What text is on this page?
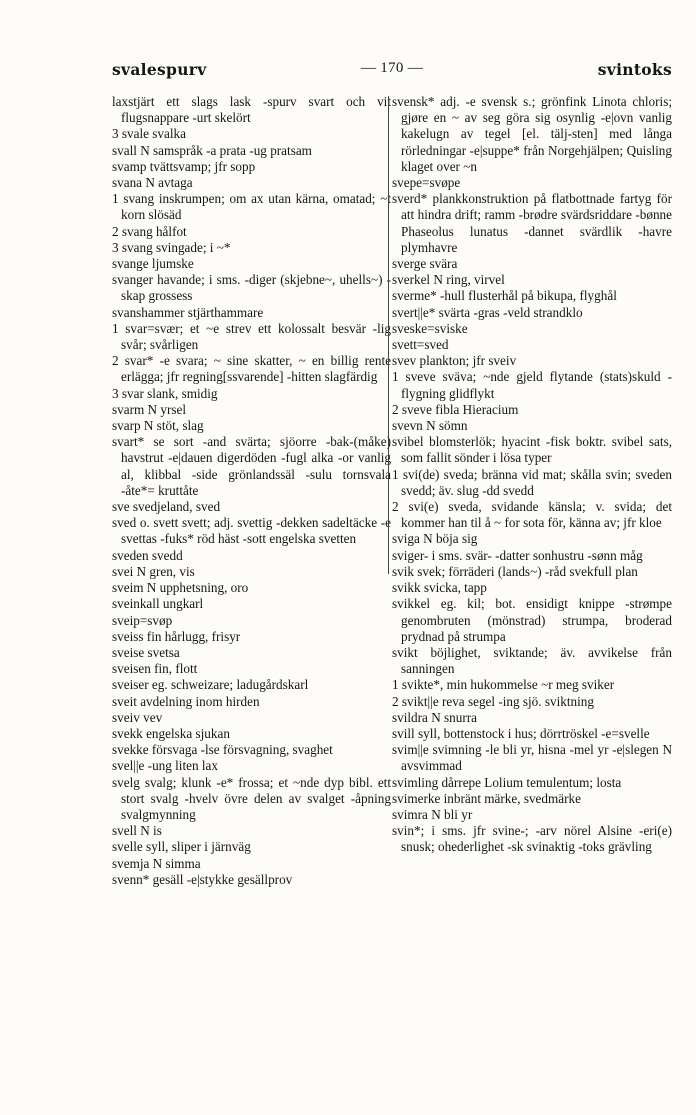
svalespurv	— 170 —	svintoks

laxstjärt ett slags lask -spurv svart och vit flugsnappare -urt skelört

3 svale svalka

svall N samspråk -a prata -ug pratsam

svamp tvättsvamp; jfr sopp

svana N avtaga

1 svang inskrumpen; om ax utan kärna, omatad; ~t korn slösäd

2 svang hålfot

3 svang svingade; i ~*

svange ljumske

svanger havande; i sms. -diger (skjebne~, uhells~) -skap grossess

svanshammer stjärthammare

1 svar=svær; et ~e strev ett kolossalt besvär -lig svår; svårligen

2 svar* -e svara; ~ sine skatter, ~ en billig rente erlägga; jfr regning[ssvarende] -hitten slagfärdig

3 svar slank, smidig

svarm N yrsel

svarp N stöt, slag

svart* se sort -and svärta; sjöorre -bak-(måke) havstrut -e|dauen digerdöden -fugl alka -or vanlig al, klibbal -side grönlandssäl -sulu tornsvala -åte*= kruttåte

sve svedjeland, sved

sved o. svett svett; adj. svettig -dekken sadeltäcke -e svettas -fuks* röd häst -sott engelska svetten

sveden svedd

svei N gren, vis

sveim N upphetsning, oro

sveinkall ungkarl

sveip=svøp

sveiss fin hårlugg, frisyr

sveise svetsa

sveisen fin, flott

sveiser eg. schweizare; ladugårdskarl

sveit avdelning inom hirden

sveiv vev

svekk engelska sjukan

svekke försvaga -lse försvagning, svaghet

svel||e -ung liten lax

svelg svalg; klunk -e* frossa; et ~nde dyp bibl. ett stort svalg -hvelv övre delen av svalget -åpning svalgmynning

svell N is

svelle syll, sliper i järnväg

svemja N simma

svenn* gesäll -e|stykke gesällprov

svensk* adj. -e svensk s.; grönfink Linota chloris; gjøre en ~ av seg göra sig osynlig -e|ovn vanlig kakelugn av tegel [el. tälj-sten] med långa rörledningar -e|suppe* från Norgehjälpen; Quisling klaget over ~n

svepe=svøpe

sverd* plankkonstruktion på flatbottnade fartyg för att hindra drift; ramm -brødre svärdsriddare -bønne Phaseolus lunatus -dannet svärdlik -havre plymhavre

sverge svära

sverkel N ring, virvel

sverme* -hull flusterhål på bikupa, flyghål

svert||e* svärta -gras -veld strandklo

sveske=sviske

svett=sved

svev plankton; jfr sveiv

1 sveve sväva; ~nde gjeld flytande (stats)skuld -flygning glidflykt

2 sveve fibla Hieracium

svevn N sömn

svibel blomsterlök; hyacint -fisk boktr. svibel sats, som fallit sönder i lösa typer

1 svi(de) sveda; bränna vid mat; skålla svin; sveden svedd; äv. slug -dd svedd

2 svi(e) sveda, svidande känsla; v. svida; det kommer han til å ~ for sota för, känna av; jfr kloe

sviga N böja sig

sviger- i sms. svär- -datter sonhustru -sønn måg

svik svek; förräderi (lands~) -råd svekfull plan

svikk svicka, tapp

svikkel eg. kil; bot. ensidigt knippe -strømpe genombruten (mönstrad) strumpa, broderad prydnad på strumpa

svikt böjlighet, sviktande; äv. avvikelse från sanningen

1 svikte*, min hukommelse ~r meg sviker

2 svikt||e reva segel -ing sjö. sviktning

svildra N snurra

svill syll, bottenstock i hus; dörrtröskel -e=svelle

svim||e svimning -le bli yr, hisna -mel yr -e|slegen N avsvimmad

svimling dårrepe Lolium temulentum; losta

svimerke inbränt märke, svedmärke

svimra N bli yr

svin*; i sms. jfr svine-; -arv nörel Alsine -eri(e) snusk; ohederlighet -sk svinaktig -toks grävling
